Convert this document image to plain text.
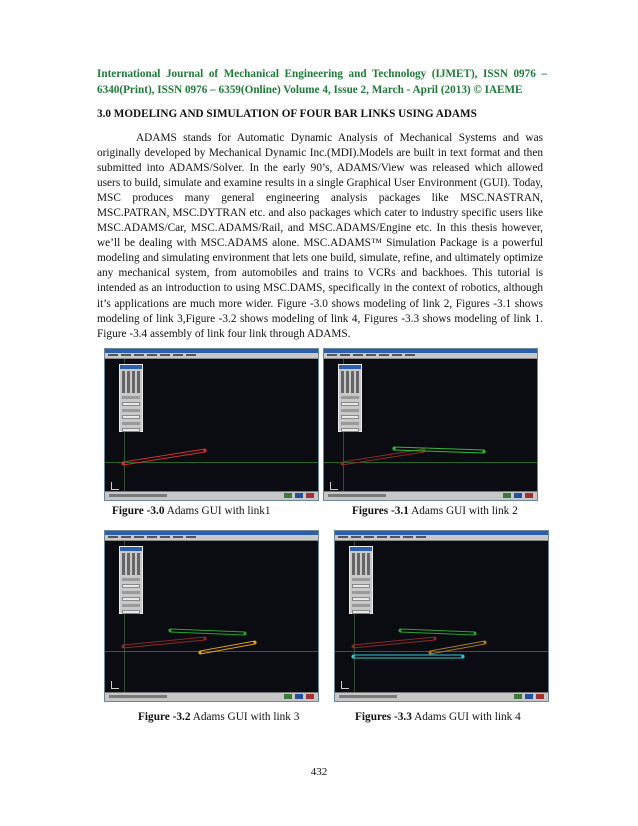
International Journal of Mechanical Engineering and Technology (IJMET), ISSN 0976 – 6340(Print), ISSN 0976 – 6359(Online) Volume 4, Issue 2, March - April (2013) © IAEME
3.0 MODELING AND SIMULATION OF FOUR BAR LINKS USING ADAMS

ADAMS stands for Automatic Dynamic Analysis of Mechanical Systems and was originally developed by Mechanical Dynamic Inc.(MDI).Models are built in text format and then submitted into ADAMS/Solver. In the early 90’s, ADAMS/View was released which allowed users to build, simulate and examine results in a single Graphical User Environment (GUI). Today, MSC produces many general engineering analysis packages like MSC.NASTRAN, MSC.PATRAN, MSC.DYTRAN etc. and also packages which cater to industry specific users like MSC.ADAMS/Car, MSC.ADAMS/Rail, and MSC.ADAMS/Engine etc. In this thesis however, we’ll be dealing with MSC.ADAMS alone. MSC.ADAMS™ Simulation Package is a powerful modeling and simulating environment that lets one build, simulate, refine, and ultimately optimize any mechanical system, from automobiles and trains to VCRs and backhoes. This tutorial is intended as an introduction to using MSC.DAMS, specifically in the context of robotics, although it’s applications are much more wider. Figure -3.0 shows modeling of link 2, Figures -3.1 shows modeling of link 3,Figure -3.2 shows modeling of link 4, Figures -3.3 shows modeling of link 1. Figure -3.4 assembly of link four link through ADAMS.

Figure -3.0 Adams GUI with link1	Figures -3.1 Adams GUI with link 2
Figure -3.2 Adams GUI with link 3	Figures -3.3 Adams GUI with link 4
432
